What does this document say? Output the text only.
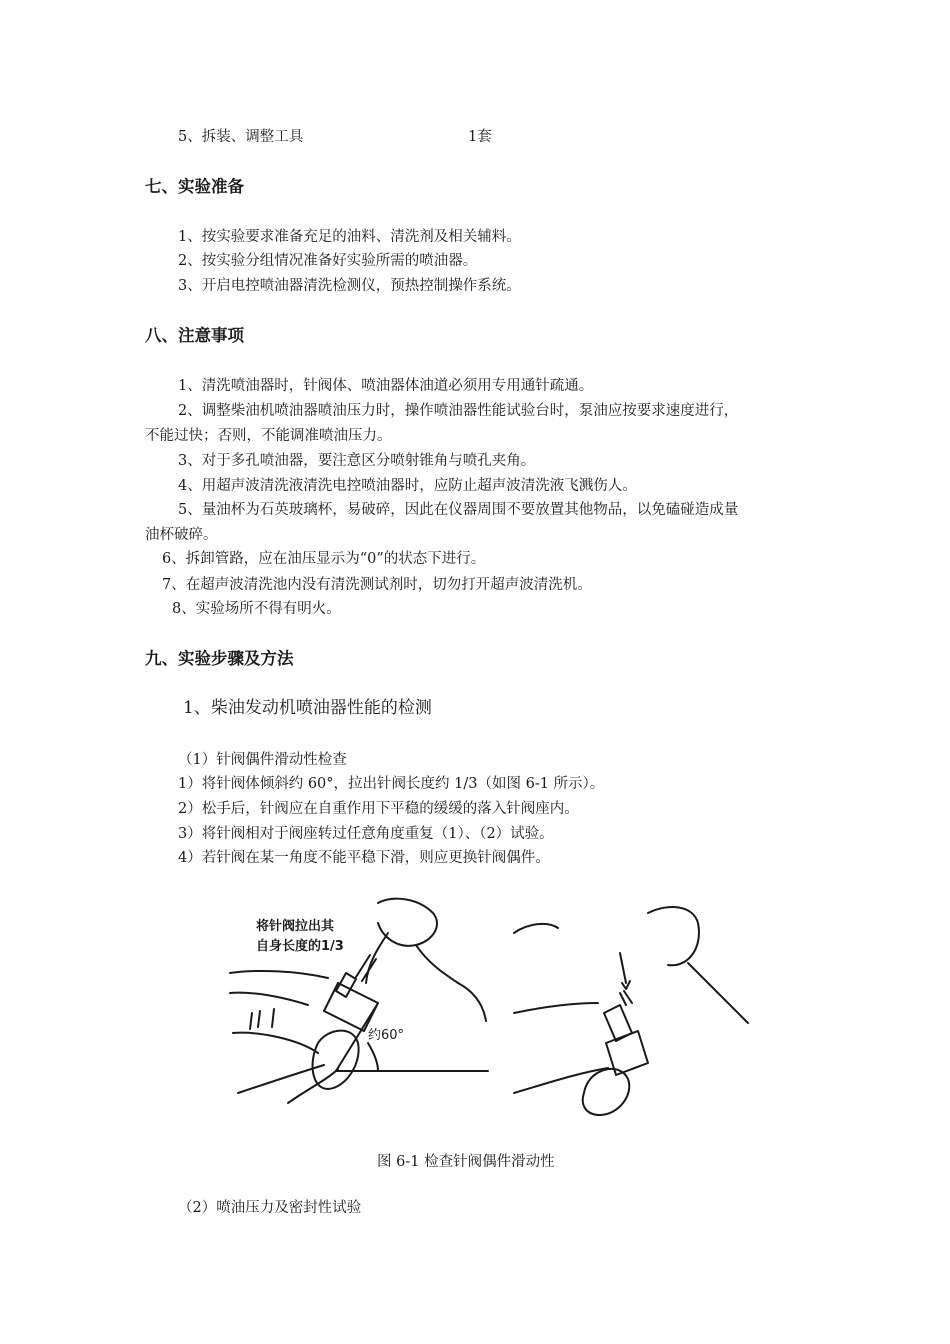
5、拆装、调整工具	1套
七、实验准备
1、按实验要求准备充足的油料、清洗剂及相关辅料。
2、按实验分组情况准备好实验所需的喷油器。
3、开启电控喷油器清洗检测仪，预热控制操作系统。
八、注意事项
1、清洗喷油器时，针阀体、喷油器体油道必须用专用通针疏通。
2、调整柴油机喷油器喷油压力时，操作喷油器性能试验台时，泵油应按要求速度进行，
不能过快；否则，不能调准喷油压力。
3、对于多孔喷油器，要注意区分喷射锥角与喷孔夹角。
4、用超声波清洗液清洗电控喷油器时，应防止超声波清洗液飞溅伤人。
5、量油杯为石英玻璃杯，易破碎，因此在仪器周围不要放置其他物品，以免磕碰造成量
油杯破碎。
6、拆卸管路，应在油压显示为“0”的状态下进行。
7、在超声波清洗池内没有清洗测试剂时，切勿打开超声波清洗机。
8、实验场所不得有明火。
九、实验步骤及方法
1、柴油发动机喷油器性能的检测
（1）针阀偶件滑动性检查
1）将针阀体倾斜约 60°，拉出针阀长度约 1/3（如图 6-1 所示）。
2）松手后，针阀应在自重作用下平稳的缓缓的落入针阀座内。
3）将针阀相对于阀座转过任意角度重复（1）、（2）试验。
4）若针阀在某一角度不能平稳下滑，则应更换针阀偶件。
将针阀拉出其
自身长度的1/3
约60°
图 6-1 检查针阀偶件滑动性
（2）喷油压力及密封性试验
